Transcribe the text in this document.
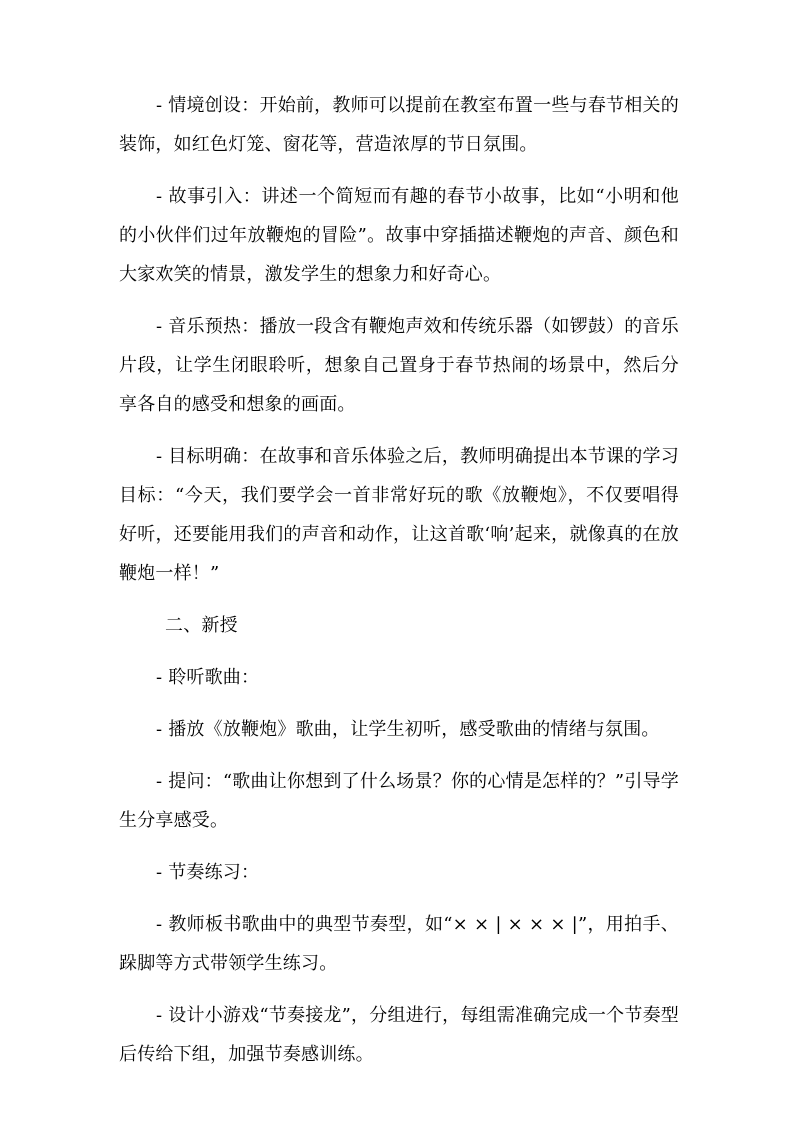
- 情境创设：开始前，教师可以提前在教室布置一些与春节相关的装饰，如红色灯笼、窗花等，营造浓厚的节日氛围。

- 故事引入：讲述一个简短而有趣的春节小故事，比如“小明和他的小伙伴们过年放鞭炮的冒险”。故事中穿插描述鞭炮的声音、颜色和大家欢笑的情景，激发学生的想象力和好奇心。

- 音乐预热：播放一段含有鞭炮声效和传统乐器（如锣鼓）的音乐片段，让学生闭眼聆听，想象自己置身于春节热闹的场景中，然后分享各自的感受和想象的画面。

- 目标明确：在故事和音乐体验之后，教师明确提出本节课的学习目标：“今天，我们要学会一首非常好玩的歌《放鞭炮》，不仅要唱得好听，还要能用我们的声音和动作，让这首歌‘响’起来，就像真的在放鞭炮一样！”

二、新授

- 聆听歌曲：

- 播放《放鞭炮》歌曲，让学生初听，感受歌曲的情绪与氛围。

- 提问：“歌曲让你想到了什么场景？你的心情是怎样的？”引导学生分享感受。

- 节奏练习：

- 教师板书歌曲中的典型节奏型，如“× × | × × × |”，用拍手、跺脚等方式带领学生练习。

- 设计小游戏“节奏接龙”，分组进行，每组需准确完成一个节奏型后传给下组，加强节奏感训练。
